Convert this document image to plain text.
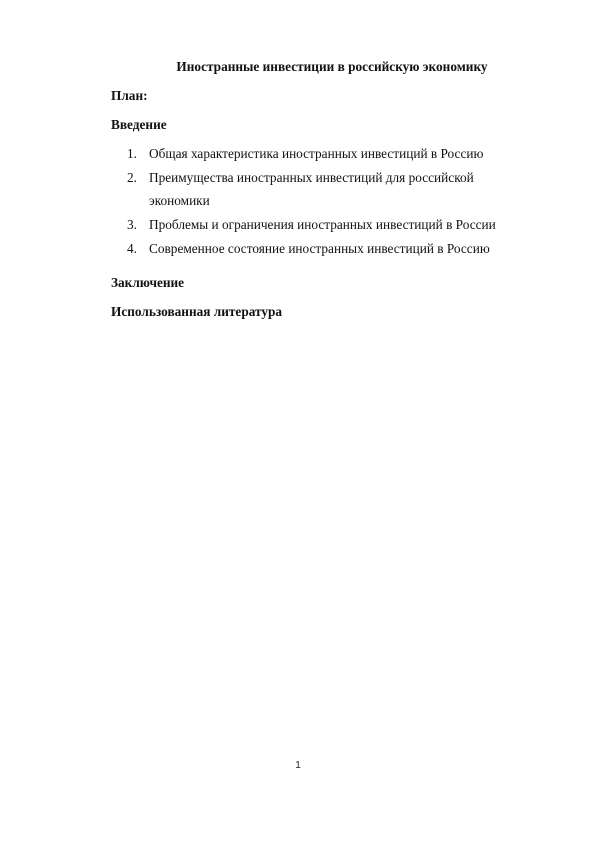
Иностранные инвестиции в российскую экономику
План:
Введение
1. Общая характеристика иностранных инвестиций в Россию
2. Преимущества иностранных инвестиций для российской экономики
3. Проблемы и ограничения иностранных инвестиций в России
4. Современное состояние иностранных инвестиций в Россию
Заключение
Использованная литература
1
